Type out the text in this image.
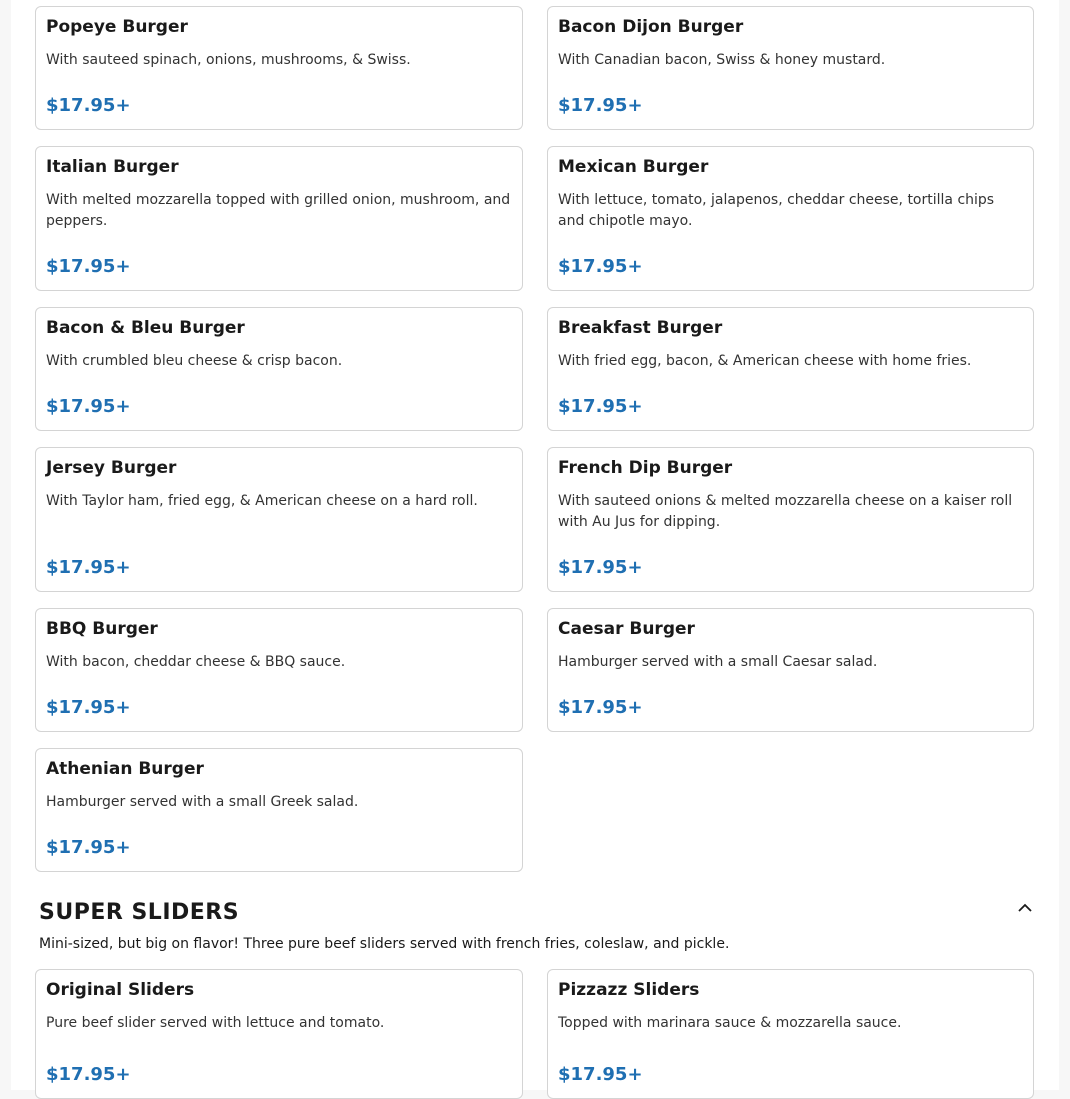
Popeye Burger
With sauteed spinach, onions, mushrooms, & Swiss.
$17.95+
Bacon Dijon Burger
With Canadian bacon, Swiss & honey mustard.
$17.95+
Italian Burger
With melted mozzarella topped with grilled onion, mushroom, and peppers.
$17.95+
Mexican Burger
With lettuce, tomato, jalapenos, cheddar cheese, tortilla chips and chipotle mayo.
$17.95+
Bacon & Bleu Burger
With crumbled bleu cheese & crisp bacon.
$17.95+
Breakfast Burger
With fried egg, bacon, & American cheese with home fries.
$17.95+
Jersey Burger
With Taylor ham, fried egg, & American cheese on a hard roll.
$17.95+
French Dip Burger
With sauteed onions & melted mozzarella cheese on a kaiser roll with Au Jus for dipping.
$17.95+
BBQ Burger
With bacon, cheddar cheese & BBQ sauce.
$17.95+
Caesar Burger
Hamburger served with a small Caesar salad.
$17.95+
Athenian Burger
Hamburger served with a small Greek salad.
$17.95+
SUPER SLIDERS
Mini-sized, but big on flavor! Three pure beef sliders served with french fries, coleslaw, and pickle.
Original Sliders
Pure beef slider served with lettuce and tomato.
$17.95+
Pizzazz Sliders
Topped with marinara sauce & mozzarella sauce.
$17.95+
